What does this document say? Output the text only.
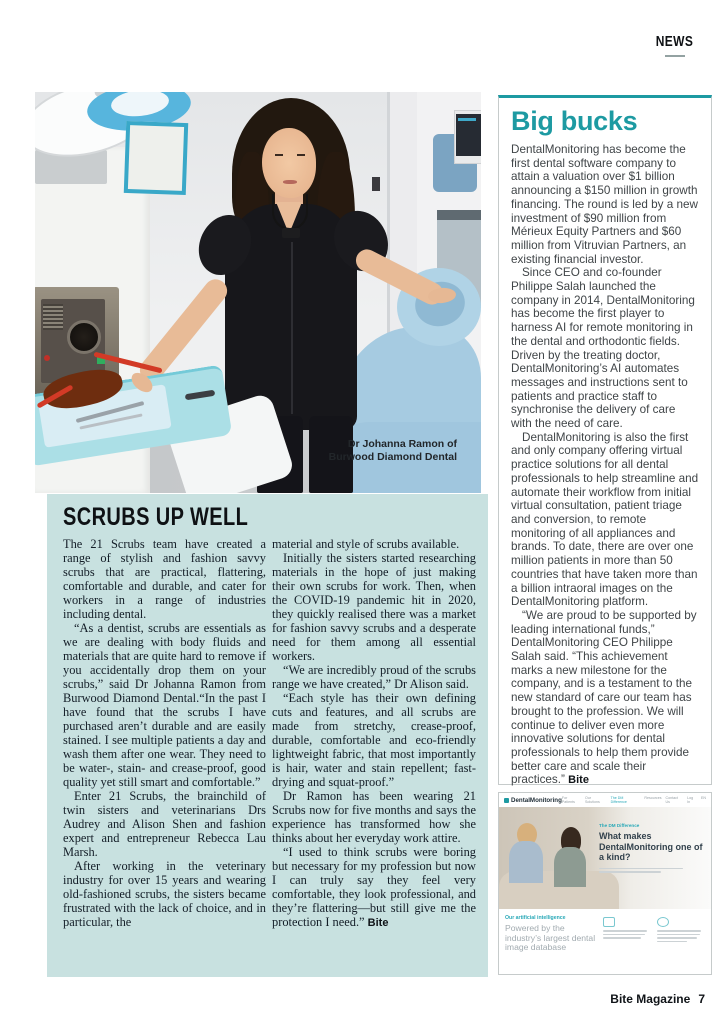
NEWS
Dr Johanna Ramon of
Burwood Diamond Dental
SCRUBS UP WELL

The 21 Scrubs team have created a range of stylish and fashion savvy scrubs that are practical, flattering, comfortable and durable, and cater for workers in a range of industries including dental.

“As a dentist, scrubs are essentials as we are dealing with body fluids and materials that are quite hard to remove if you accidentally drop them on your scrubs,” said Dr Johanna Ramon from Burwood Diamond Dental.“In the past I have found that the scrubs I have purchased aren’t durable and are easily stained. I see multiple patients a day and wash them after one wear. They need to be water-, stain- and crease-proof, good quality yet still smart and comfortable.”

Enter 21 Scrubs, the brainchild of twin sisters and veterinarians Drs Audrey and Alison Shen and fashion expert and entrepreneur Rebecca Lau Marsh.

After working in the veterinary industry for over 15 years and wearing old-fashioned scrubs, the sisters became frustrated with the lack of choice, and in particular, the

material and style of scrubs available.

Initially the sisters started researching materials in the hope of just making their own scrubs for work. Then, when the COVID-19 pandemic hit in 2020, they quickly realised there was a market for fashion savvy scrubs and a desperate need for them among all essential workers.

“We are incredibly proud of the scrubs range we have created,” Dr Alison said.

“Each style has their own defining cuts and features, and all scrubs are made from stretchy, crease-proof, durable, comfortable and eco-friendly lightweight fabric, that most importantly is hair, water and stain repellent; fast-drying and squat-proof.”

Dr Ramon has been wearing 21 Scrubs now for five months and says the experience has transformed how she thinks about her everyday work attire.

“I used to think scrubs were boring but necessary for my profession but now I can truly say they feel very comfortable, they look professional, and they’re flattering—but still give me the protection I need.” Bite

Big bucks

DentalMonitoring has become the first dental software company to attain a valuation over $1 billion announcing a $150 million in growth financing. The round is led by a new investment of $90 million from Mérieux Equity Partners and $60 million from Vitruvian Partners, an existing financial investor.

Since CEO and co-founder Philippe Salah launched the company in 2014, DentalMonitoring has become the first player to harness AI for remote monitoring in the dental and orthodontic fields. Driven by the treating doctor, DentalMonitoring’s AI automates messages and instructions sent to patients and practice staff to synchronise the delivery of care with the need of care.

DentalMonitoring is also the first and only company offering virtual practice solutions for all dental professionals to help streamline and automate their workflow from initial virtual consultation, patient triage and conversion, to remote monitoring of all appliances and brands. To date, there are over one million patients in more than 50 countries that have taken more than a billion intraoral images on the DentalMonitoring platform.

“We are proud to be supported by leading international funds,” DentalMonitoring CEO Philippe Salah said. “This achievement marks a new milestone for the company, and is a testament to the new standard of care our team has brought to the profession. We will continue to deliver even more innovative solutions for dental professionals to help them provide better care and scale their practices.” Bite

DentalMonitoring For Patients
Our Solutions
The DM Difference
Resources Contact Us
Log In
EN
The DM Difference
What makes DentalMonitoring one of a kind?
Our artificial intelligence
Powered by the industry’s largest dental image database
Bite Magazine 7
